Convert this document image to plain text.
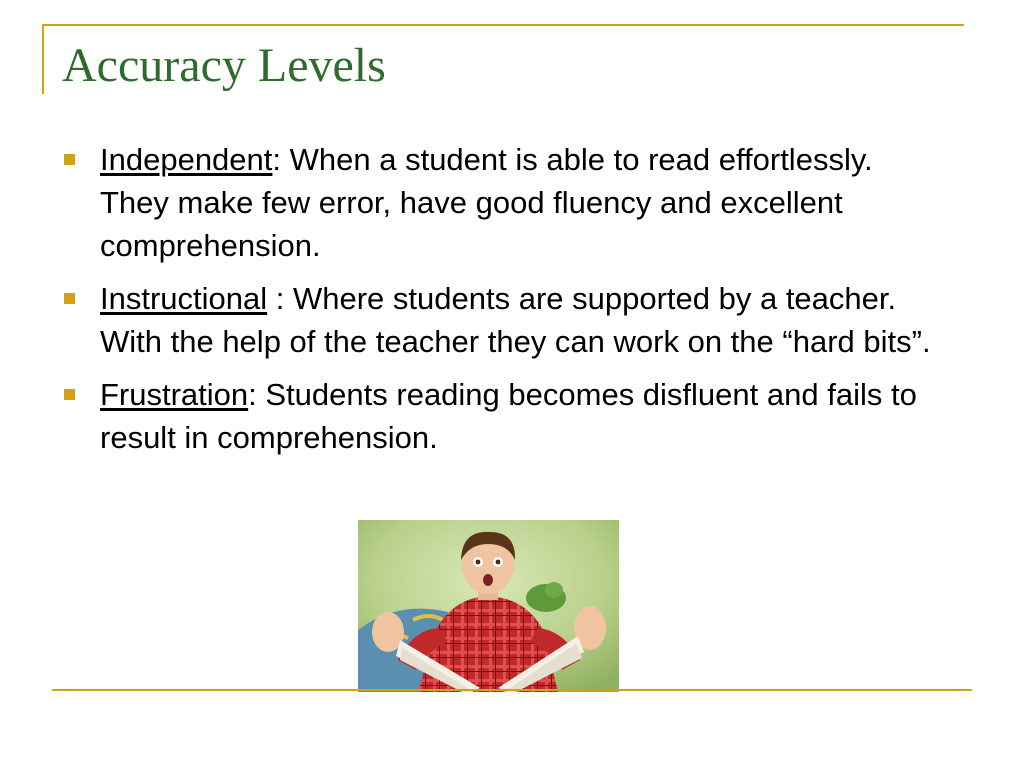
Accuracy Levels
Independent: When a student is able to read effortlessly. They make few error, have good fluency and excellent comprehension.
Instructional : Where students are supported by a teacher. With the help of the teacher they can work on the “hard bits”.
Frustration: Students reading becomes disfluent and fails to result in comprehension.
